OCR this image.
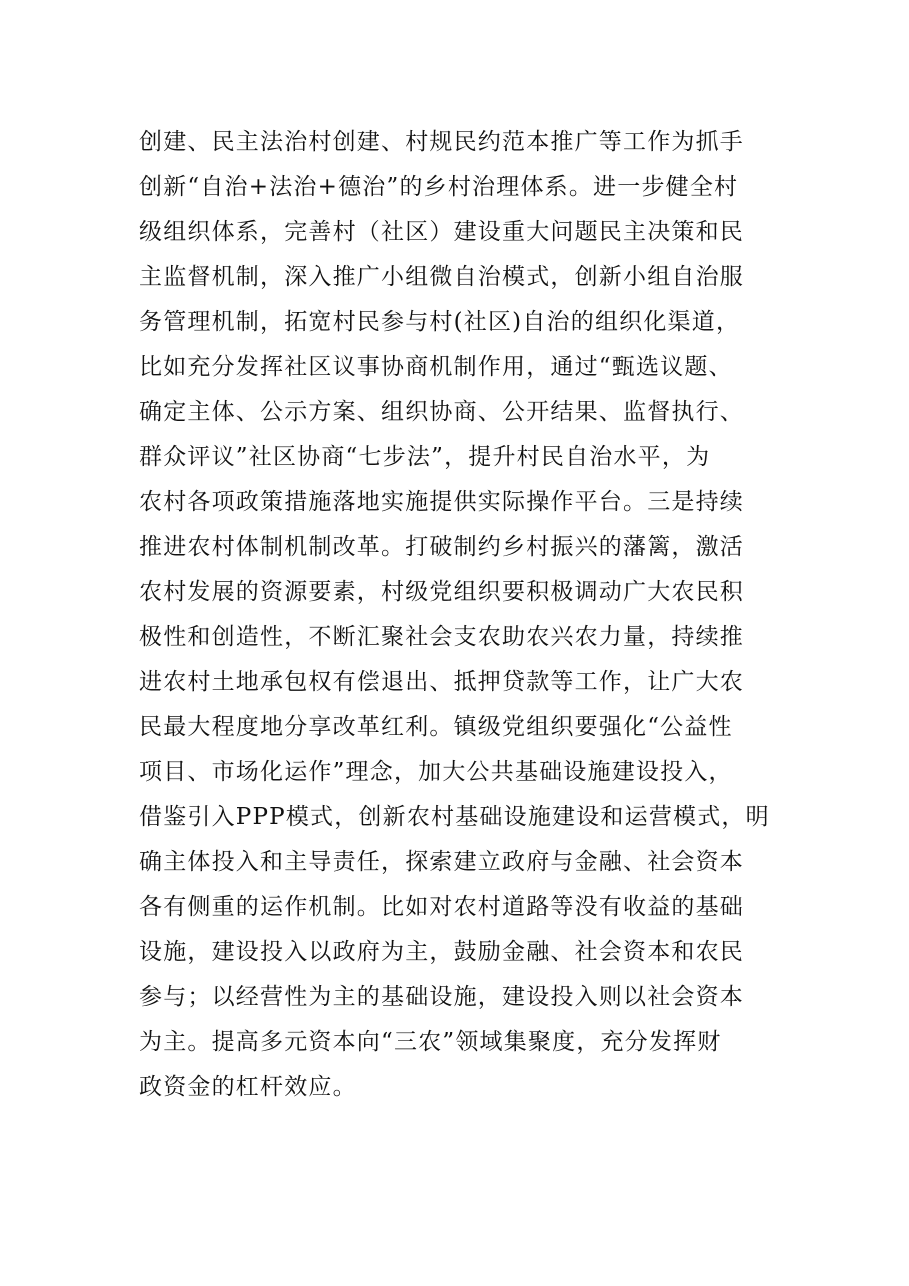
创建、民主法治村创建、村规民约范本推广等工作为抓手
创新“自治+法治+德治”的乡村治理体系。进一步健全村
级组织体系，完善村（社区）建设重大问题民主决策和民
主监督机制，深入推广小组微自治模式，创新小组自治服
务管理机制，拓宽村民参与村(社区)自治的组织化渠道，
比如充分发挥社区议事协商机制作用，通过“甄选议题、
确定主体、公示方案、组织协商、公开结果、监督执行、
群众评议”社区协商“七步法”，提升村民自治水平，为
农村各项政策措施落地实施提供实际操作平台。三是持续
推进农村体制机制改革。打破制约乡村振兴的藩篱，激活
农村发展的资源要素，村级党组织要积极调动广大农民积
极性和创造性，不断汇聚社会支农助农兴农力量，持续推
进农村土地承包权有偿退出、抵押贷款等工作，让广大农
民最大程度地分享改革红利。镇级党组织要强化“公益性
项目、市场化运作”理念，加大公共基础设施建设投入，
借鉴引入PPP模式，创新农村基础设施建设和运营模式，明
确主体投入和主导责任，探索建立政府与金融、社会资本
各有侧重的运作机制。比如对农村道路等没有收益的基础
设施，建设投入以政府为主，鼓励金融、社会资本和农民
参与；以经营性为主的基础设施，建设投入则以社会资本
为主。提高多元资本向“三农”领域集聚度，充分发挥财
政资金的杠杆效应。
